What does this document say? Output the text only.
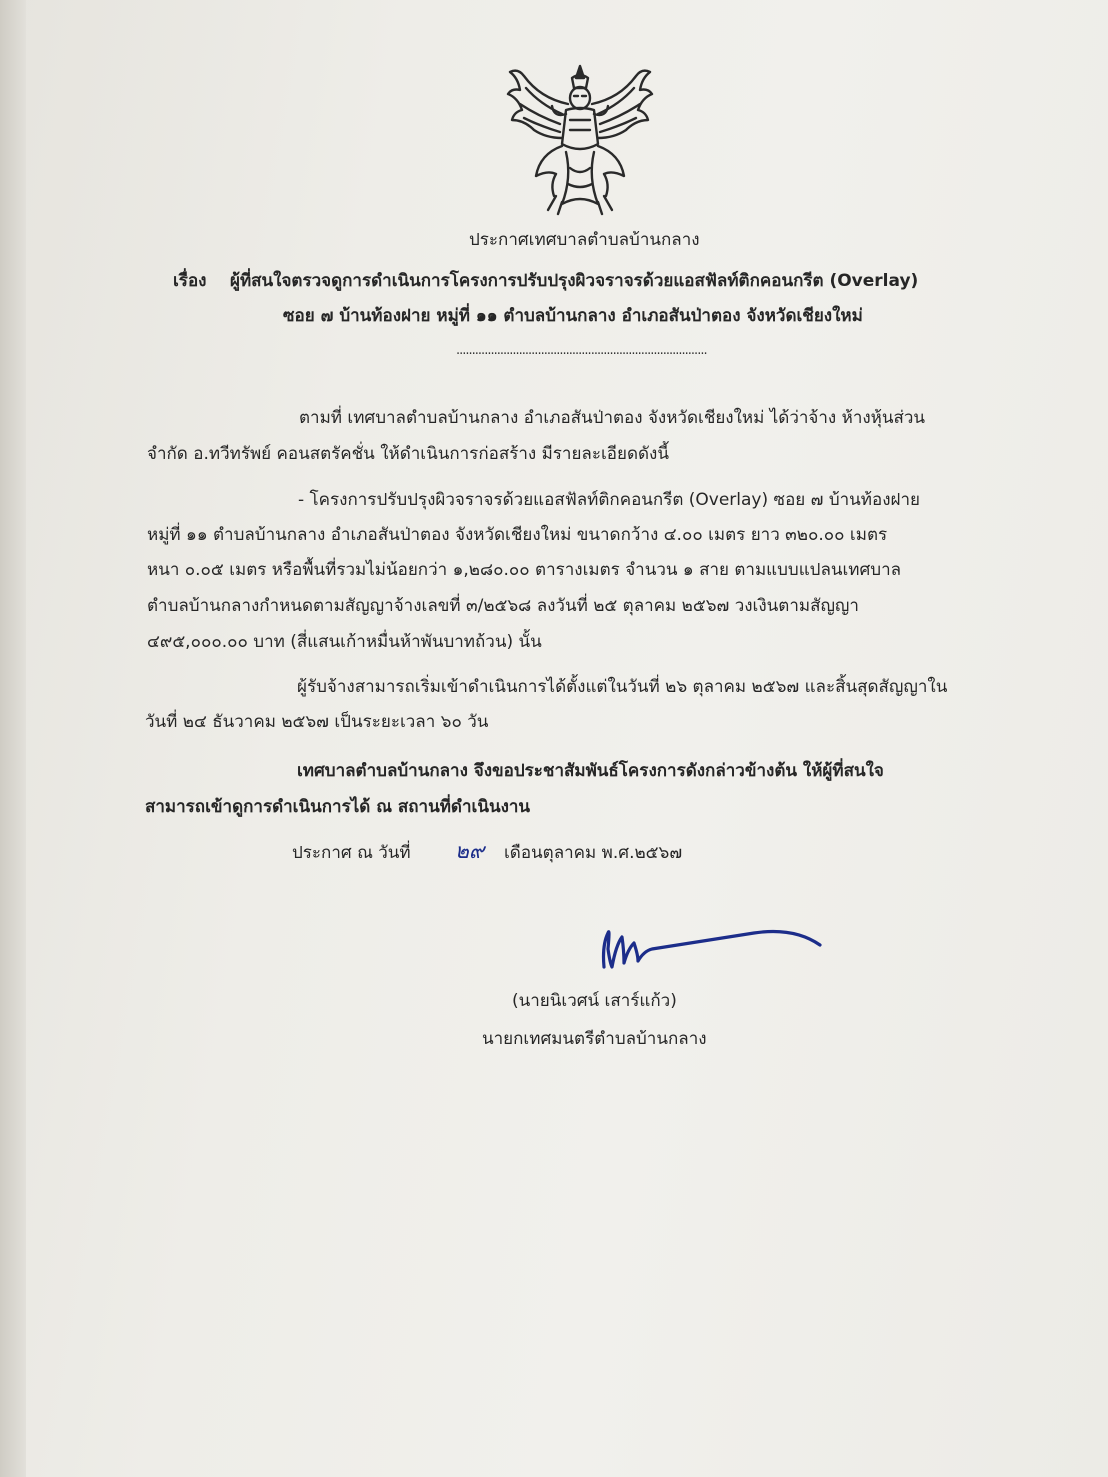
ประกาศเทศบาลตำบลบ้านกลาง
เรื่อง ผู้ที่สนใจตรวจดูการดำเนินการโครงการปรับปรุงผิวจราจรด้วยแอสฟัลท์ติกคอนกรีต (Overlay)
ซอย ๗ บ้านท้องฝาย หมู่ที่ ๑๑ ตำบลบ้านกลาง อำเภอสันป่าตอง จังหวัดเชียงใหม่
................................................................................
ตามที่ เทศบาลตำบลบ้านกลาง อำเภอสันป่าตอง จังหวัดเชียงใหม่ ได้ว่าจ้าง ห้างหุ้นส่วน
จำกัด อ.ทวีทรัพย์ คอนสตรัคชั่น ให้ดำเนินการก่อสร้าง มีรายละเอียดดังนี้
- โครงการปรับปรุงผิวจราจรด้วยแอสฟัลท์ติกคอนกรีต (Overlay) ซอย ๗ บ้านท้องฝาย
หมู่ที่ ๑๑ ตำบลบ้านกลาง อำเภอสันป่าตอง จังหวัดเชียงใหม่ ขนาดกว้าง ๔.๐๐ เมตร ยาว ๓๒๐.๐๐ เมตร
หนา ๐.๐๕ เมตร หรือพื้นที่รวมไม่น้อยกว่า ๑,๒๘๐.๐๐ ตารางเมตร จำนวน ๑ สาย ตามแบบแปลนเทศบาล
ตำบลบ้านกลางกำหนดตามสัญญาจ้างเลขที่ ๓/๒๕๖๘ ลงวันที่ ๒๕ ตุลาคม ๒๕๖๗ วงเงินตามสัญญา
๔๙๕,๐๐๐.๐๐ บาท (สี่แสนเก้าหมื่นห้าพันบาทถ้วน) นั้น
ผู้รับจ้างสามารถเริ่มเข้าดำเนินการได้ตั้งแต่ในวันที่ ๒๖ ตุลาคม ๒๕๖๗ และสิ้นสุดสัญญาใน
วันที่ ๒๔ ธันวาคม ๒๕๖๗ เป็นระยะเวลา ๖๐ วัน
เทศบาลตำบลบ้านกลาง จึงขอประชาสัมพันธ์โครงการดังกล่าวข้างต้น ให้ผู้ที่สนใจ
สามารถเข้าดูการดำเนินการได้ ณ สถานที่ดำเนินงาน
ประกาศ ณ วันที่ ๒๙ เดือนตุลาคม พ.ศ.๒๕๖๗
(นายนิเวศน์ เสาร์แก้ว)
นายกเทศมนตรีตำบลบ้านกลาง
